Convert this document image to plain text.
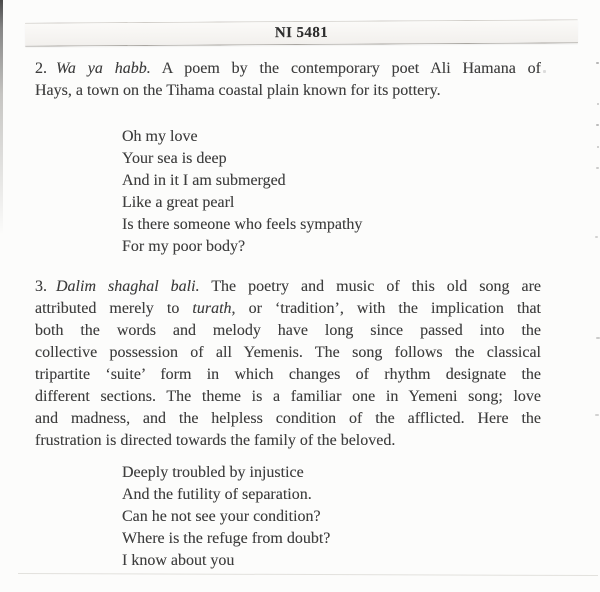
NI 5481
2. Wa ya habb. A poem by the contemporary poet Ali Hamana of
Hays, a town on the Tihama coastal plain known for its pottery.
Oh my love
Your sea is deep
And in it I am submerged
Like a great pearl
Is there someone who feels sympathy
For my poor body?
3. Dalim shaghal bali. The poetry and music of this old song are
attributed merely to turath, or ‘tradition’, with the implication that
both the words and melody have long since passed into the
collective possession of all Yemenis. The song follows the classical
tripartite ‘suite’ form in which changes of rhythm designate the
different sections. The theme is a familiar one in Yemeni song; love
and madness, and the helpless condition of the afflicted. Here the
frustration is directed towards the family of the beloved.
Deeply troubled by injustice
And the futility of separation.
Can he not see your condition?
Where is the refuge from doubt?
I know about you
